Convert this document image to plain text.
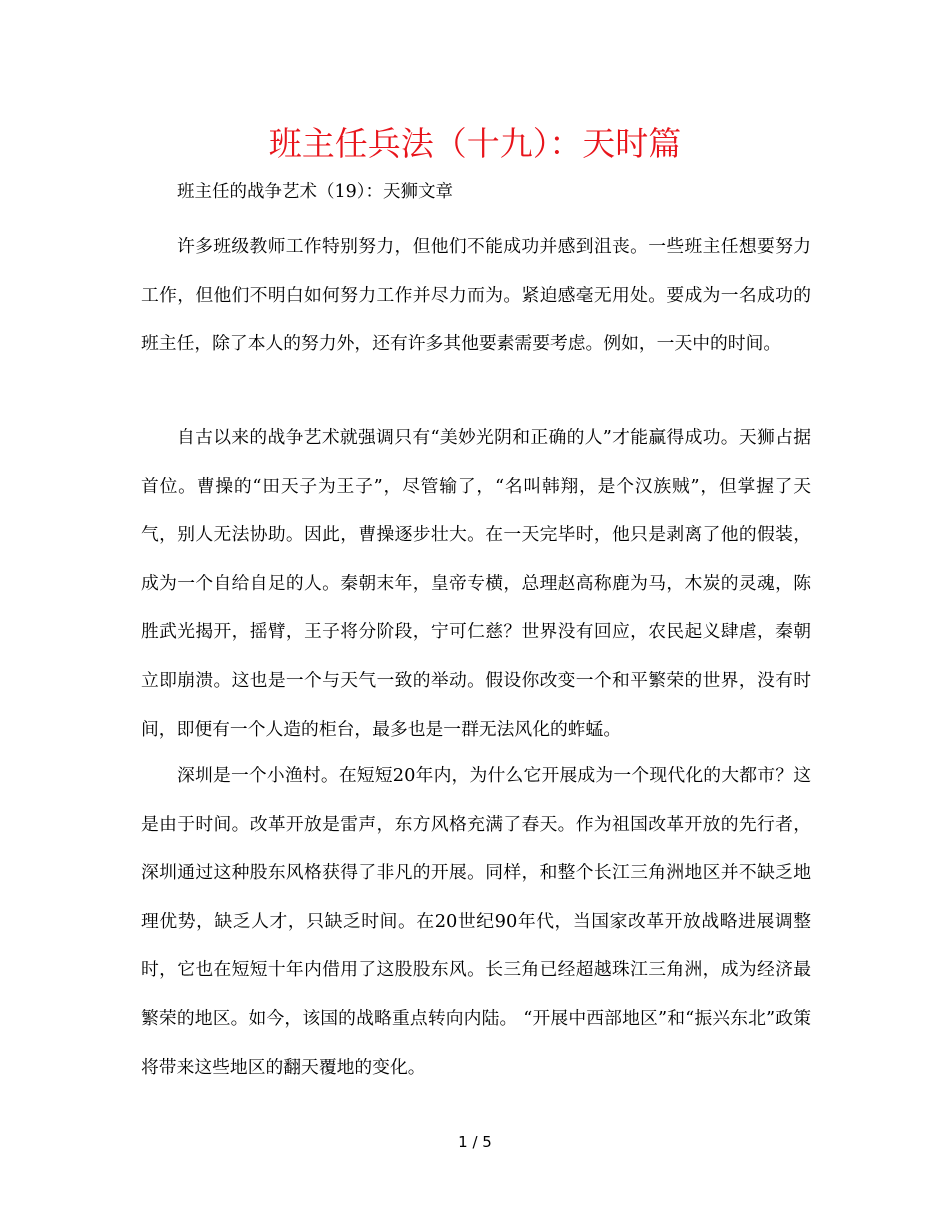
班主任兵法（十九）：天时篇

班主任的战争艺术（19）：天狮文章

许多班级教师工作特别努力，但他们不能成功并感到沮丧。一些班主任想要努力工作，但他们不明白如何努力工作并尽力而为。紧迫感毫无用处。要成为一名成功的班主任，除了本人的努力外，还有许多其他要素需要考虑。例如，一天中的时间。

自古以来的战争艺术就强调只有“美妙光阴和正确的人”才能赢得成功。天狮占据首位。曹操的“田天子为王子”，尽管输了，“名叫韩翔，是个汉族贼”，但掌握了天气，别人无法协助。因此，曹操逐步壮大。在一天完毕时，他只是剥离了他的假装，成为一个自给自足的人。秦朝末年，皇帝专横，总理赵高称鹿为马，木炭的灵魂，陈胜武光揭开，摇臂，王子将分阶段，宁可仁慈？世界没有回应，农民起义肆虐，秦朝立即崩溃。这也是一个与天气一致的举动。假设你改变一个和平繁荣的世界，没有时间，即便有一个人造的柜台，最多也是一群无法风化的蚱蜢。

深圳是一个小渔村。在短短20年内，为什么它开展成为一个现代化的大都市？这是由于时间。改革开放是雷声，东方风格充满了春天。作为祖国改革开放的先行者，深圳通过这种股东风格获得了非凡的开展。同样，和整个长江三角洲地区并不缺乏地理优势，缺乏人才，只缺乏时间。在20世纪90年代，当国家改革开放战略进展调整时，它也在短短十年内借用了这股股东风。长三角已经超越珠江三角洲，成为经济最繁荣的地区。如今，该国的战略重点转向内陆。 “开展中西部地区”和“振兴东北”政策将带来这些地区的翻天覆地的变化。

1 / 5
